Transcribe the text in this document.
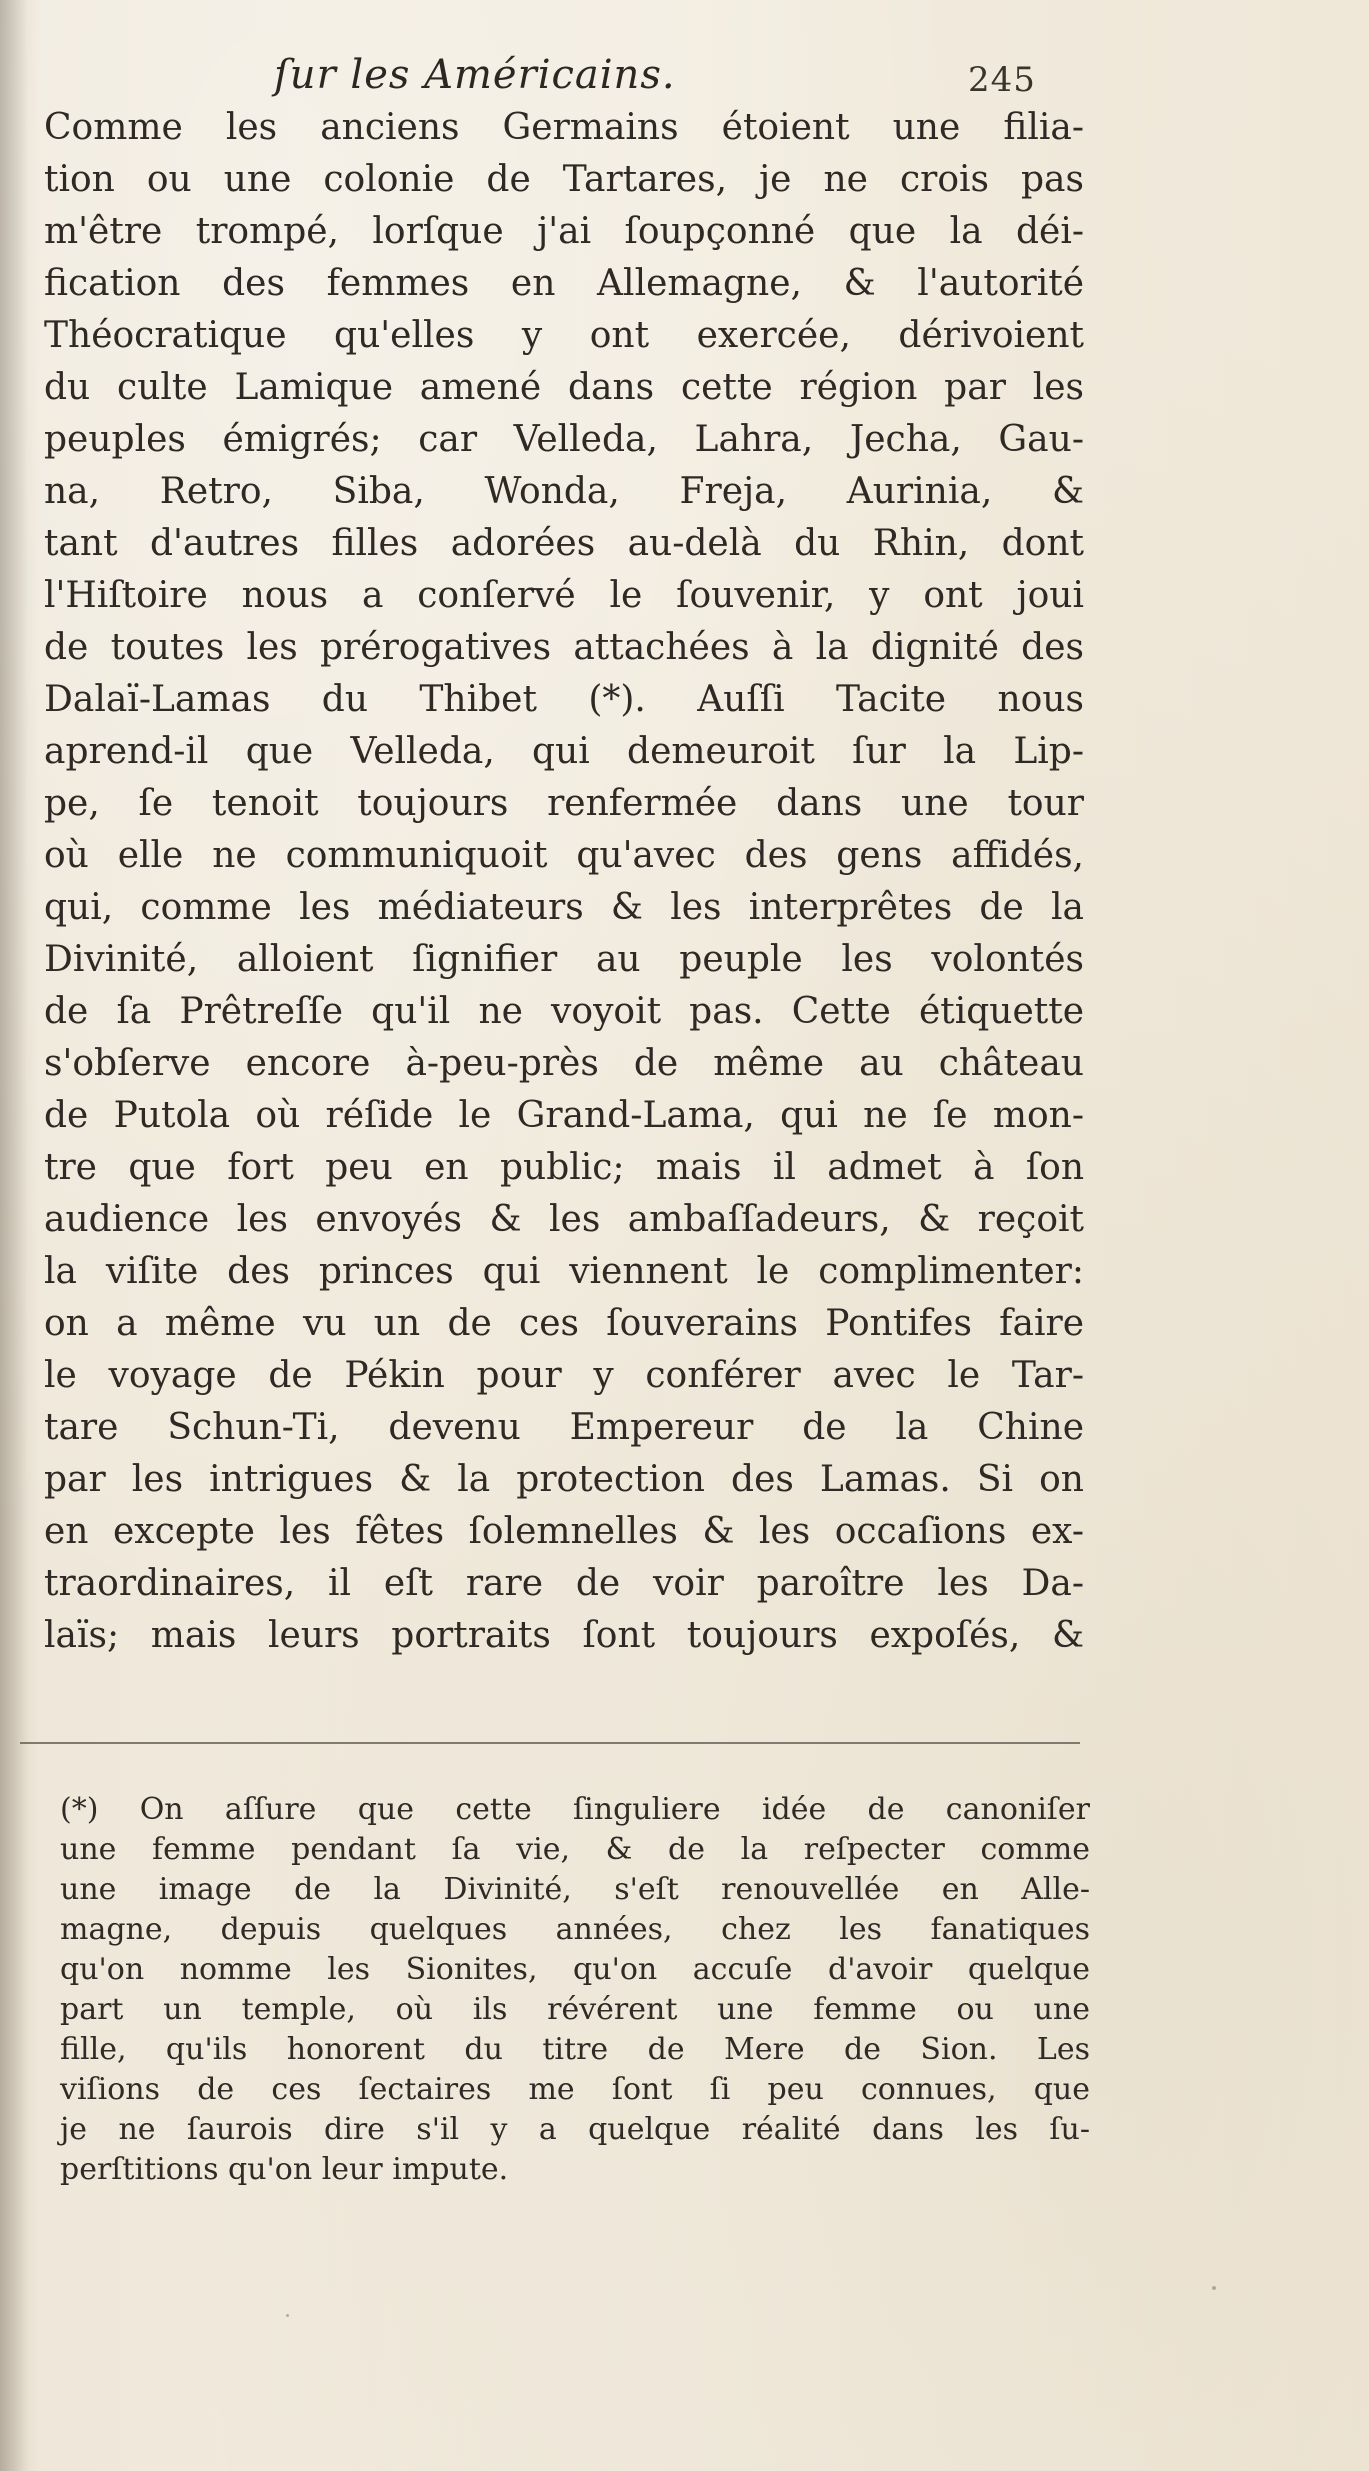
ſur les Américains.	245
Comme les anciens Germains étoient une filia-
tion ou une colonie de Tartares, je ne crois pas
m'être trompé, lorſque j'ai ſoupçonné que la déi-
fication des femmes en Allemagne, & l'autorité
Théocratique qu'elles y ont exercée, dérivoient
du culte Lamique amené dans cette région par les
peuples émigrés; car Velleda, Lahra, Jecha, Gau-
na, Retro, Siba, Wonda, Freja, Aurinia, &
tant d'autres filles adorées au-delà du Rhin, dont
l'Hiſtoire nous a conſervé le ſouvenir, y ont joui
de toutes les prérogatives attachées à la dignité des
Dalaï-Lamas du Thibet (*). Auſſi Tacite nous
aprend-il que Velleda, qui demeuroit ſur la Lip-
pe, ſe tenoit toujours renfermée dans une tour
où elle ne communiquoit qu'avec des gens affidés,
qui, comme les médiateurs & les interprêtes de la
Divinité, alloient ſignifier au peuple les volontés
de ſa Prêtreſſe qu'il ne voyoit pas. Cette étiquette
s'obſerve encore à-peu-près de même au château
de Putola où réſide le Grand-Lama, qui ne ſe mon-
tre que fort peu en public; mais il admet à ſon
audience les envoyés & les ambaſſadeurs, & reçoit
la viſite des princes qui viennent le complimenter:
on a même vu un de ces ſouverains Pontifes faire
le voyage de Pékin pour y conférer avec le Tar-
tare Schun-Ti, devenu Empereur de la Chine
par les intrigues & la protection des Lamas. Si on
en excepte les fêtes ſolemnelles & les occaſions ex-
traordinaires, il eſt rare de voir paroître les Da-
laïs; mais leurs portraits ſont toujours expoſés, &
(*) On aſſure que cette ſinguliere idée de canoniſer
une femme pendant ſa vie, & de la reſpecter comme
une image de la Divinité, s'eſt renouvellée en Alle-
magne, depuis quelques années, chez les fanatiques
qu'on nomme les Sionites, qu'on accuſe d'avoir quelque
part un temple, où ils révérent une femme ou une
fille, qu'ils honorent du titre de Mere de Sion. Les
viſions de ces ſectaires me ſont ſi peu connues, que
je ne ſaurois dire s'il y a quelque réalité dans les ſu-
perſtitions qu'on leur impute.
